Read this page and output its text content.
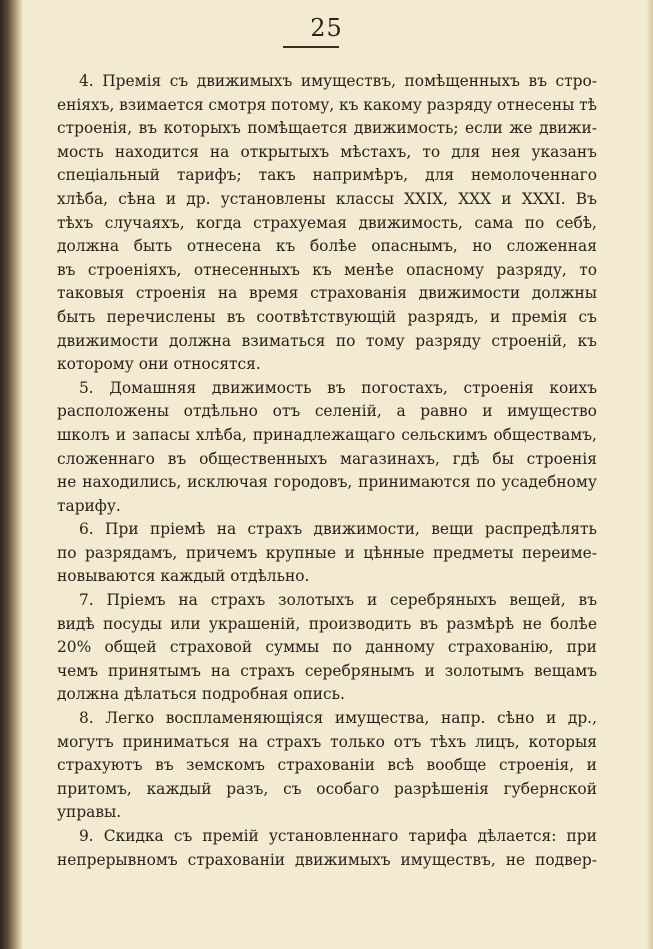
25
4. Премія съ движимыхъ имуществъ, помѣщенныхъ въ стро-
еніяхъ, взимается смотря потому, къ какому разряду отнесены тѣ
строенія, въ которыхъ помѣщается движимость; если же движи-
мость находится на открытыхъ мѣстахъ, то для нея указанъ
спеціальный тарифъ; такъ напримѣръ, для немолоченнаго
хлѣба, сѣна и др. установлены классы XXIX, XXX и XXXI. Въ
тѣхъ случаяхъ, когда страхуемая движимость, сама по себѣ,
должна быть отнесена къ болѣе опаснымъ, но сложенная
въ строеніяхъ, отнесенныхъ къ менѣе опасному разряду, то
таковыя строенія на время страхованія движимости должны
быть перечислены въ соотвѣтствующій разрядъ, и премія съ
движимости должна взиматься по тому разряду строеній, къ
которому они относятся.
5. Домашняя движимость въ погостахъ, строенія коихъ
расположены отдѣльно отъ селеній, а равно и имущество
школъ и запасы хлѣба, принадлежащаго сельскимъ обществамъ,
сложеннаго въ общественныхъ магазинахъ, гдѣ бы строенія
не находились, исключая городовъ, принимаются по усадебному
тарифу.
6. При пріемѣ на страхъ движимости, вещи распредѣлять
по разрядамъ, причемъ крупные и цѣнные предметы переиме-
новываются каждый отдѣльно.
7. Пріемъ на страхъ золотыхъ и серебряныхъ вещей, въ
видѣ посуды или украшеній, производить въ размѣрѣ не болѣе
20% общей страховой суммы по данному страхованію, при
чемъ принятымъ на страхъ серебрянымъ и золотымъ вещамъ
должна дѣлаться подробная опись.
8. Легко воспламеняющіяся имущества, напр. сѣно и др.,
могутъ приниматься на страхъ только отъ тѣхъ лицъ, которыя
страхуютъ въ земскомъ страхованіи всѣ вообще строенія, и
притомъ, каждый разъ, съ особаго разрѣшенія губернской
управы.
9. Скидка съ премій установленнаго тарифа дѣлается: при
непрерывномъ страхованіи движимыхъ имуществъ, не подвер-
